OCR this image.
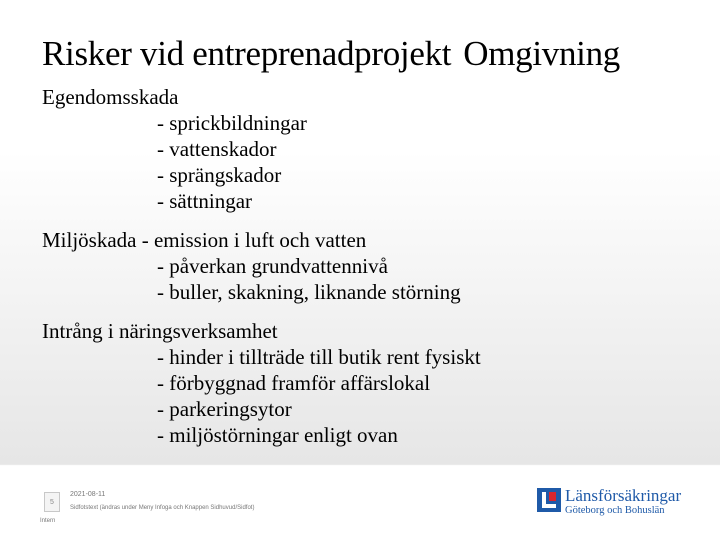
Risker vid entreprenadprojekt Omgivning
Egendomsskada
- sprickbildningar
- vattenskador
- sprängskador
- sättningar
Miljöskada - emission i luft och vatten
- påverkan grundvattennivå
- buller, skakning, liknande störning
Intrång i näringsverksamhet
- hinder i tillträde till butik rent fysiskt
- förbyggnad framför affärslokal
- parkeringsytor
- miljöstörningar enligt ovan
5
2021-08-11
Sidfotstext (ändras under Meny Infoga och Knappen Sidhuvud/Sidfot)
Intern
Länsförsäkringar
Göteborg och Bohuslän
